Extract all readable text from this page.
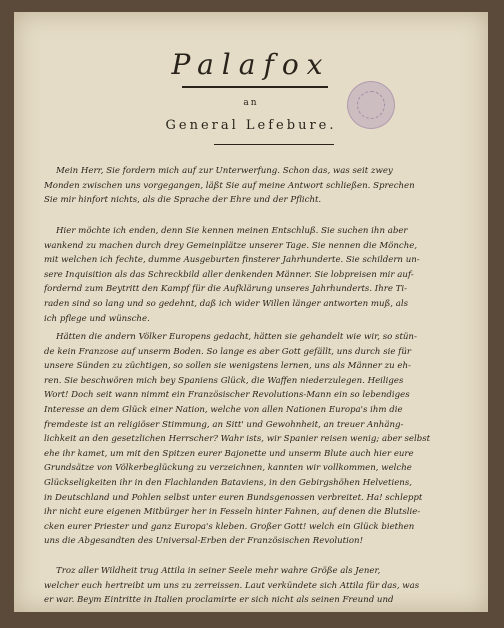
Palafox
an
General Lefebure.
Mein Herr, Sie fordern mich auf zur Unterwerfung. Schon das, was seit zwey
Monden zwischen uns vorgegangen, läßt Sie auf meine Antwort schließen. Sprechen
Sie mir hinfort nichts, als die Sprache der Ehre und der Pflicht.
Hier möchte ich enden, denn Sie kennen meinen Entschluß. Sie suchen ihn aber
wankend zu machen durch drey Gemeinplätze unserer Tage. Sie nennen die Mönche,
mit welchen ich fechte, dumme Ausgeburten finsterer Jahrhunderte. Sie schildern un-
sere Inquisition als das Schreckbild aller denkenden Männer. Sie lobpreisen mir auf-
fordernd zum Beytritt den Kampf für die Aufklärung unseres Jahrhunderts. Ihre Ti-
raden sind so lang und so gedehnt, daß ich wider Willen länger antworten muß, als
ich pflege und wünsche.
Hätten die andern Völker Europens gedacht, hätten sie gehandelt wie wir, so stün-
de kein Franzose auf unserm Boden. So lange es aber Gott gefällt, uns durch sie für
unsere Sünden zu züchtigen, so sollen sie wenigstens lernen, uns als Männer zu eh-
ren. Sie beschwören mich bey Spaniens Glück, die Waffen niederzulegen. Heiliges
Wort! Doch seit wann nimmt ein Französischer Revolutions-Mann ein so lebendiges
Interesse an dem Glück einer Nation, welche von allen Nationen Europa's ihm die
fremdeste ist an religiöser Stimmung, an Sitt' und Gewohnheit, an treuer Anhäng-
lichkeit an den gesetzlichen Herrscher? Wahr ists, wir Spanier reisen wenig; aber selbst
ehe ihr kamet, um mit den Spitzen eurer Bajonette und unserm Blute auch hier eure
Grundsätze von Völkerbeglückung zu verzeichnen, kannten wir vollkommen, welche
Glückseligkeiten ihr in den Flachlanden Bataviens, in den Gebirgshöhen Helvetiens,
in Deutschland und Pohlen selbst unter euren Bundsgenossen verbreitet. Ha! schleppt
ihr nicht eure eigenen Mitbürger her in Fesseln hinter Fahnen, auf denen die Blutslie-
cken eurer Priester und ganz Europa's kleben. Großer Gott! welch ein Glück biethen
uns die Abgesandten des Universal-Erben der Französischen Revolution!
Troz aller Wildheit trug Attila in seiner Seele mehr wahre Größe als Jener,
welcher euch hertreibt um uns zu zerreissen. Laut verkündete sich Attila für das, was
er war. Beym Eintritte in Italien proclamirte er sich nicht als seinen Freund und
